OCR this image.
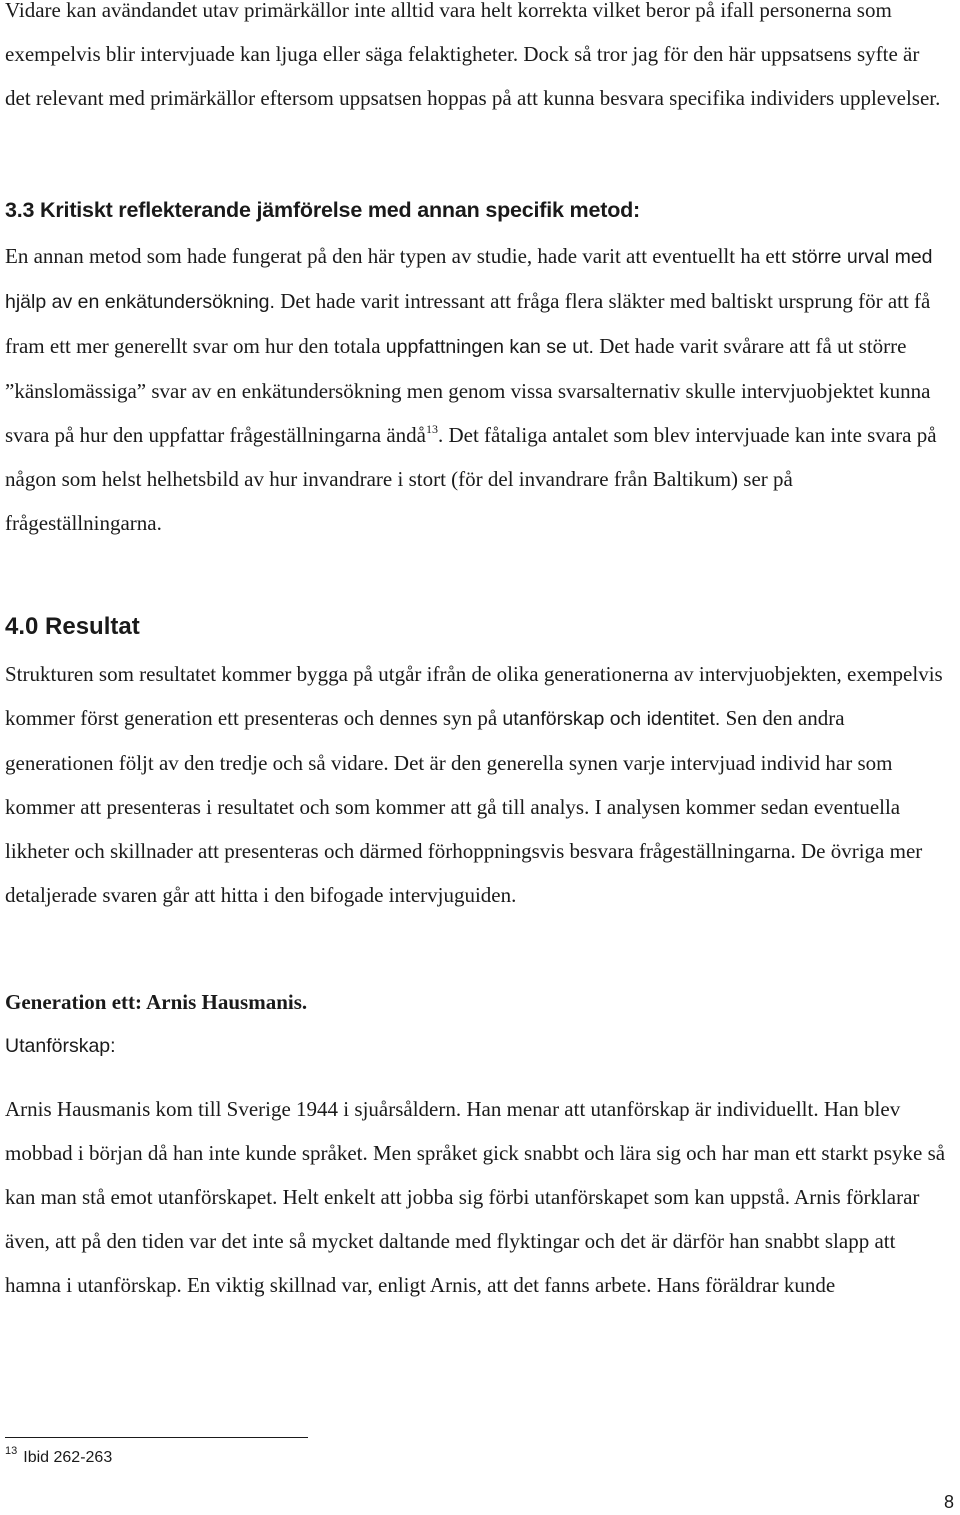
Vidare kan avändandet utav primärkällor inte alltid vara helt korrekta vilket beror på ifall personerna som exempelvis blir intervjuade kan ljuga eller säga felaktigheter. Dock så tror jag för den här uppsatsens syfte är det relevant med primärkällor eftersom uppsatsen hoppas på att kunna besvara specifika individers upplevelser.

3.3 Kritiskt reflekterande jämförelse med annan specifik metod:

En annan metod som hade fungerat på den här typen av studie, hade varit att eventuellt ha ett större urval med hjälp av en enkätundersökning. Det hade varit intressant att fråga flera släkter med baltiskt ursprung för att få fram ett mer generellt svar om hur den totala uppfattningen kan se ut. Det hade varit svårare att få ut större ”känslomässiga” svar av en enkätundersökning men genom vissa svarsalternativ skulle intervjuobjektet kunna svara på hur den uppfattar frågeställningarna ändå$^{13}$. Det fåtaliga antalet som blev intervjuade kan inte svara på någon som helst helhetsbild av hur invandrare i stort (för del invandrare från Baltikum) ser på frågeställningarna.

4.0 Resultat

Strukturen som resultatet kommer bygga på utgår ifrån de olika generationerna av intervjuobjekten, exempelvis kommer först generation ett presenteras och dennes syn på utanförskap och identitet. Sen den andra generationen följt av den tredje och så vidare. Det är den generella synen varje intervjuad individ har som kommer att presenteras i resultatet och som kommer att gå till analys. I analysen kommer sedan eventuella likheter och skillnader att presenteras och därmed förhoppningsvis besvara frågeställningarna. De övriga mer detaljerade svaren går att hitta i den bifogade intervjuguiden.

Generation ett: Arnis Hausmanis.

Utanförskap:

Arnis Hausmanis kom till Sverige 1944 i sjuårsåldern. Han menar att utanförskap är individuellt. Han blev mobbad i början då han inte kunde språket. Men språket gick snabbt och lära sig och har man ett starkt psyke så kan man stå emot utanförskapet. Helt enkelt att jobba sig förbi utanförskapet som kan uppstå. Arnis förklarar även, att på den tiden var det inte så mycket daltande med flyktingar och det är därför han snabbt slapp att hamna i utanförskap. En viktig skillnad var, enligt Arnis, att det fanns arbete. Hans föräldrar kunde

$^{13}$ Ibid 262-263

8
